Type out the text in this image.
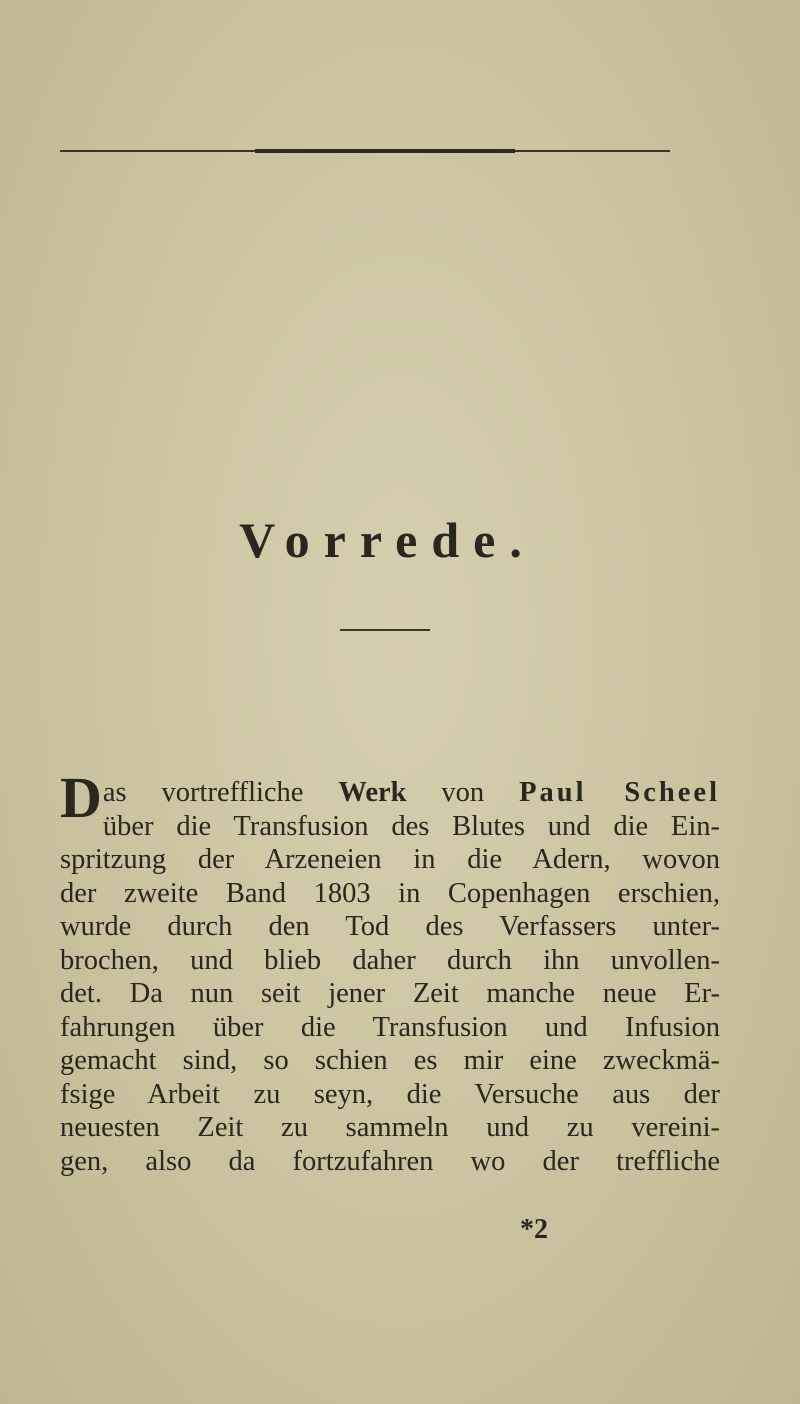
Vorrede.
D as vortreffliche Werk von Paul Scheel
über die Transfusion des Blutes und die Ein-
spritzung der Arzeneien in die Adern, wovon
der zweite Band 1803 in Copenhagen erschien,
wurde durch den Tod des Verfassers unter-
brochen, und blieb daher durch ihn unvollen-
det. Da nun seit jener Zeit manche neue Er-
fahrungen über die Transfusion und Infusion
gemacht sind, so schien es mir eine zweckmä-
fsige Arbeit zu seyn, die Versuche aus der
neuesten Zeit zu sammeln und zu vereini-
gen, also da fortzufahren wo der treffliche
*2
